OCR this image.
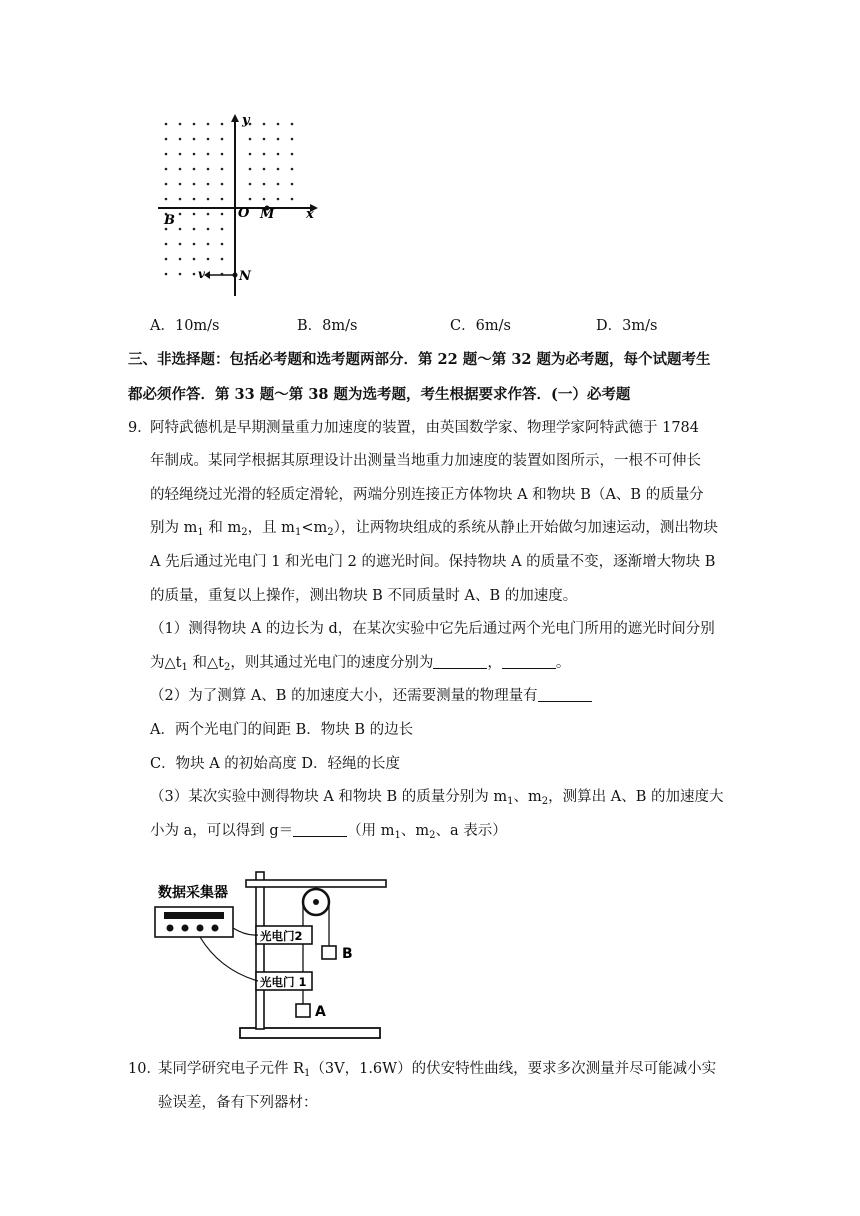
y
x
O M
B
N
v
A．10m/s	B．8m/s	C．6m/s	D．3m/s
三、非选择题：包括必考题和选考题两部分．第 22 题～第 32 题为必考题，每个试题考生
都必须作答．第 33 题～第 38 题为选考题，考生根据要求作答．(一）必考题
9．
阿特武德机是早期测量重力加速度的装置，由英国数学家、物理学家阿特武德于 1784
年制成。某同学根据其原理设计出测量当地重力加速度的装置如图所示，一根不可伸长
的轻绳绕过光滑的轻质定滑轮，两端分别连接正方体物块 A 和物块 B（A、B 的质量分
别为 $m_1$ 和 $m_2$，且 $m_1<m_2$），让两物块组成的系统从静止开始做匀加速运动，测出物块
A 先后通过光电门 1 和光电门 2 的遮光时间。保持物块 A 的质量不变，逐渐增大物块 B
的质量，重复以上操作，测出物块 B 不同质量时 A、B 的加速度。
（1）测得物块 A 的边长为 d，在某次实验中它先后通过两个光电门所用的遮光时间分别
为$\triangle t_1$ 和$\triangle t_2$，则其通过光电门的速度分别为	，	。
（2）为了测算 A、B 的加速度大小，还需要测量的物理量有
A．两个光电门的间距 B．物块 B 的边长
C．物块 A 的初始高度 D．轻绳的长度
（3）某次实验中测得物块 A 和物块 B 的质量分别为 $m_1$、$m_2$，测算出 A、B 的加速度大
小为 a，可以得到 g＝	（用 $m_1$、$m_2$、a 表示）
A
B
光电门2
光电门 1
数据采集器
10．
某同学研究电子元件 $R_1(3V$，1.6W）的伏安特性曲线，要求多次测量并尽可能减小实
验误差，备有下列器材：
